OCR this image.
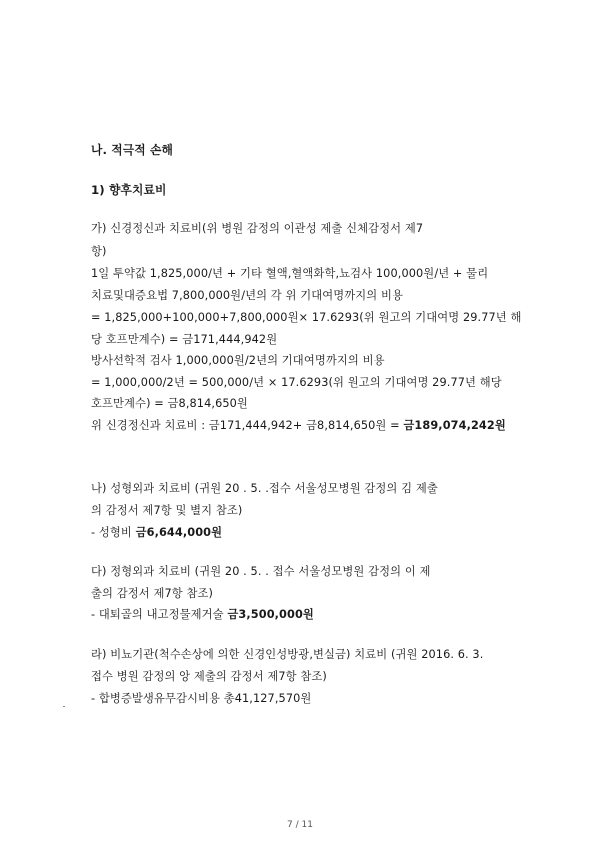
나. 적극적 손해
1) 향후치료비
가) 신경정신과 치료비(위 병원 감정의 이관성 제출 신체감정서 제7
항)
1일 투약값 1,825,000/년 + 기타 혈액,혈액화학,뇨검사 100,000원/년 + 물리
치료및대증요법 7,800,000원/년의 각 위 기대여명까지의 비용
= 1,825,000+100,000+7,800,000원× 17.6293(위 원고의 기대여명 29.77년 해
당 호프만계수) = 금171,444,942원
방사선학적 검사 1,000,000원/2년의 기대여명까지의 비용
= 1,000,000/2년 = 500,000/년 × 17.6293(위 원고의 기대여명 29.77년 해당
호프만계수) = 금8,814,650원
위 신경정신과 치료비 : 금171,444,942+ 금8,814,650원 = 금189,074,242원
나) 성형외과 치료비 (귀원 20 . 5. .접수 서울성모병원 감정의 김 제출
의 감정서 제7항 및 별지 참조)
- 성형비 금6,644,000원
다) 정형외과 치료비 (귀원 20 . 5. . 접수 서울성모병원 감정의 이 제
출의 감정서 제7항 참조)
- 대퇴골의 내고정물제거술 금3,500,000원
라) 비뇨기관(척수손상에 의한 신경인성방광,변실금) 치료비 (귀원 2016. 6. 3.
접수 병원 감정의 앙 제출의 감정서 제7항 참조)
- 합병증발생유무감시비용 총41,127,570원
7 / 11
